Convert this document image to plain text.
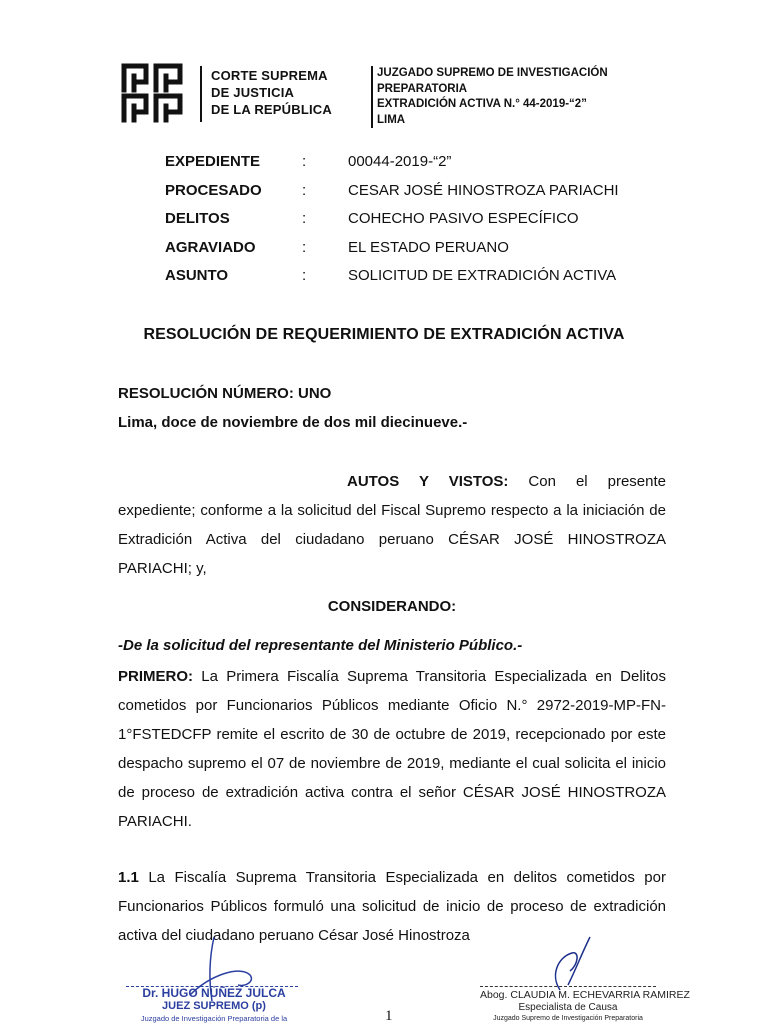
CORTE SUPREMA
DE JUSTICIA
DE LA REPÚBLICA
JUZGADO SUPREMO DE INVESTIGACIÓN
PREPARATORIA
EXTRADICIÓN ACTIVA N.° 44-2019-“2”
LIMA
EXPEDIENTE	:	00044-2019-“2”
PROCESADO	:	CESAR JOSÉ HINOSTROZA PARIACHI
DELITOS	:	COHECHO PASIVO ESPECÍFICO
AGRAVIADO	:	EL ESTADO PERUANO
ASUNTO	:	SOLICITUD DE EXTRADICIÓN ACTIVA
RESOLUCIÓN DE REQUERIMIENTO DE EXTRADICIÓN ACTIVA
RESOLUCIÓN NÚMERO: UNO
Lima, doce de noviembre de dos mil diecinueve.-
AUTOS Y VISTOS: Con el presente expediente; conforme a la solicitud del Fiscal Supremo respecto a la iniciación de Extradición Activa del ciudadano peruano CÉSAR JOSÉ HINOSTROZA PARIACHI; y,
CONSIDERANDO:
-De la solicitud del representante del Ministerio Público.-
PRIMERO: La Primera Fiscalía Suprema Transitoria Especializada en Delitos cometidos por Funcionarios Públicos mediante Oficio N.° 2972-2019-MP-FN-1°FSTEDCFP remite el escrito de 30 de octubre de 2019, recepcionado por este despacho supremo el 07 de noviembre de 2019, mediante el cual solicita el inicio de proceso de extradición activa contra el señor CÉSAR JOSÉ HINOSTROZA PARIACHI.
1.1 La Fiscalía Suprema Transitoria Especializada en delitos cometidos por Funcionarios Públicos formuló una solicitud de inicio de proceso de extradición activa del ciudadano peruano César José Hinostroza
Dr. HUGO NÚÑEZ JULCA
JUEZ SUPREMO (p)
Juzgado de Investigación Preparatoria de la	1
Abog. CLAUDIA M. ECHEVARRIA RAMIREZ
Especialista de Causa
Juzgado Supremo de Investigación Preparatoria
